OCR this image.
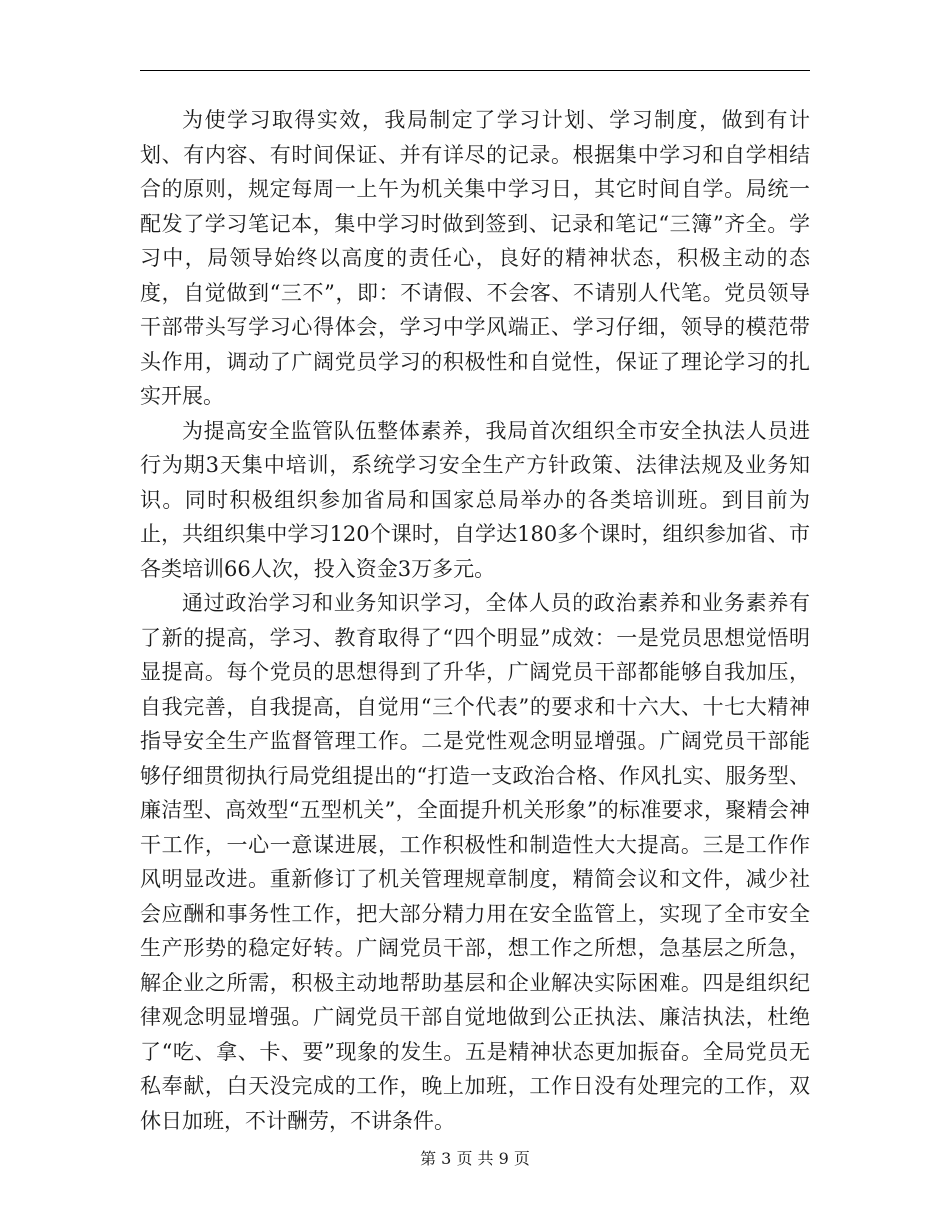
为使学习取得实效，我局制定了学习计划、学习制度，做到有计划、有内容、有时间保证、并有详尽的记录。根据集中学习和自学相结合的原则，规定每周一上午为机关集中学习日，其它时间自学。局统一配发了学习笔记本，集中学习时做到签到、记录和笔记“三簿”齐全。学习中，局领导始终以高度的责任心，良好的精神状态，积极主动的态度，自觉做到“三不”，即：不请假、不会客、不请别人代笔。党员领导干部带头写学习心得体会，学习中学风端正、学习仔细，领导的模范带头作用，调动了广阔党员学习的积极性和自觉性，保证了理论学习的扎实开展。

为提高安全监管队伍整体素养，我局首次组织全市安全执法人员进行为期3天集中培训，系统学习安全生产方针政策、法律法规及业务知识。同时积极组织参加省局和国家总局举办的各类培训班。到目前为止，共组织集中学习120个课时，自学达180多个课时，组织参加省、市各类培训66人次，投入资金3万多元。

通过政治学习和业务知识学习，全体人员的政治素养和业务素养有了新的提高，学习、教育取得了“四个明显”成效：一是党员思想觉悟明显提高。每个党员的思想得到了升华，广阔党员干部都能够自我加压，自我完善，自我提高，自觉用“三个代表”的要求和十六大、十七大精神指导安全生产监督管理工作。二是党性观念明显增强。广阔党员干部能够仔细贯彻执行局党组提出的“打造一支政治合格、作风扎实、服务型、廉洁型、高效型“五型机关”，全面提升机关形象”的标准要求，聚精会神干工作，一心一意谋进展，工作积极性和制造性大大提高。三是工作作风明显改进。重新修订了机关管理规章制度，精简会议和文件，减少社会应酬和事务性工作，把大部分精力用在安全监管上，实现了全市安全生产形势的稳定好转。广阔党员干部，想工作之所想，急基层之所急，解企业之所需，积极主动地帮助基层和企业解决实际困难。四是组织纪律观念明显增强。广阔党员干部自觉地做到公正执法、廉洁执法，杜绝了“吃、拿、卡、要”现象的发生。五是精神状态更加振奋。全局党员无私奉献，白天没完成的工作，晚上加班，工作日没有处理完的工作，双休日加班，不计酬劳，不讲条件。

第 3 页 共 9 页
